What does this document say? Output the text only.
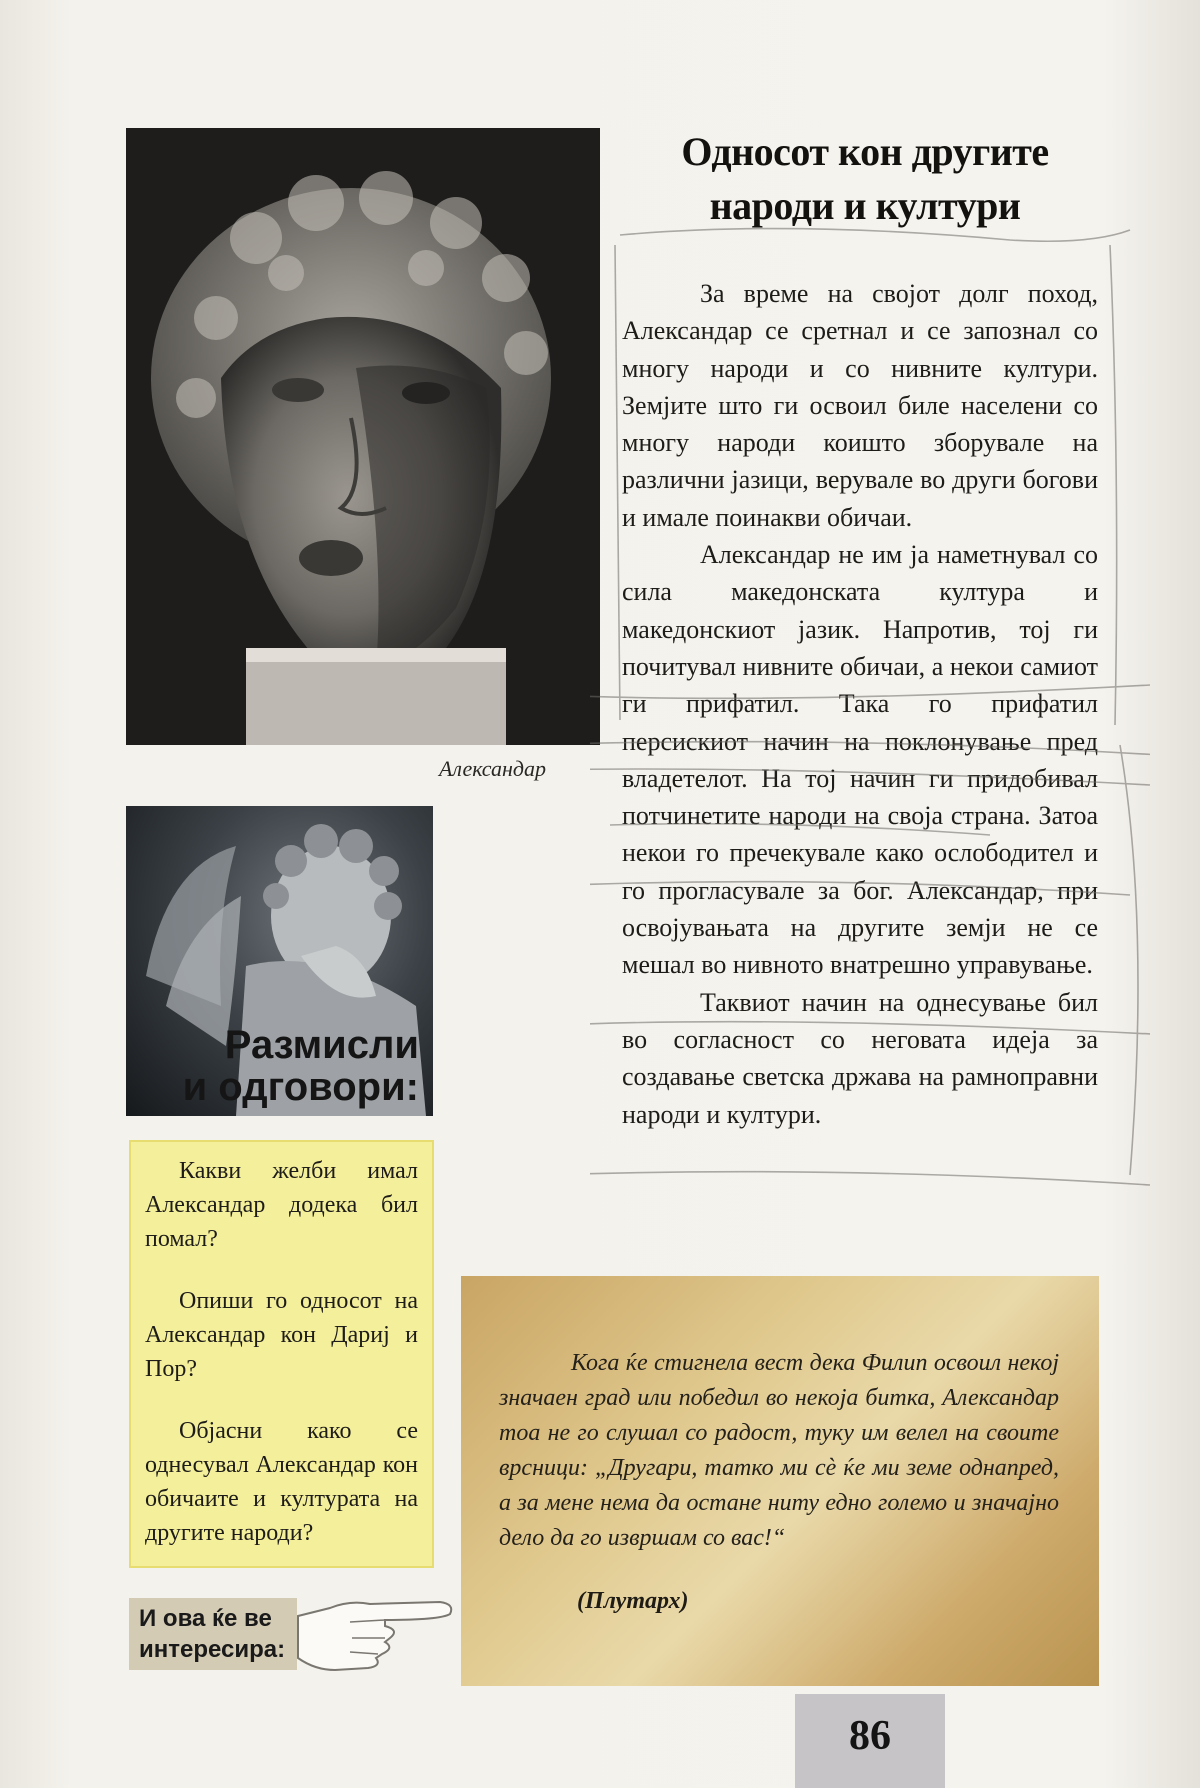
Александар
Односот кон другите
народи и култури

За време на својот долг поход, Александар се сретнал и се запознал со многу народи и со нивните култури. Земјите што ги освоил биле населени со многу народи коишто зборувале на различни јазици, верувале во други богови и имале поинакви обичаи.

Александар не им ја наметнувал со сила македонската култура и македонскиот јазик. Напротив, тој ги почитувал нивните обичаи, а некои самиот ги прифатил. Така го прифатил персискиот начин на поклонување пред владетелот. На тој начин ги придобивал потчинетите народи на своја страна. Затоа некои го пречекувале како ослободител и го прогласувале за бог. Александар, при освојувањата на другите земји не се мешал во нивното внатрешно управување.

Таквиот начин на однесување бил во согласност со неговата идеја за создавање светска држава на рамноправни народи и култури.

Размисли
и одговори:

Какви желби имал Александар додека бил помал?

Опиши го односот на Александар кон Дариј и Пор?

Објасни како се однесувал Александар кон обичаите и културата на другите народи?

И ова ќе ве
интересира:

Кога ќе стигнела вест дека Филип освоил некој значаен град или победил во некоја битка, Александар тоа не го слушал со радост, туку им велел на своите врсници: „Другари, татко ми сѐ ќе ми земе однапред, а за мене нема да остане ниту едно големо и значајно дело да го извршам со вас!“

(Плутарх)
86
